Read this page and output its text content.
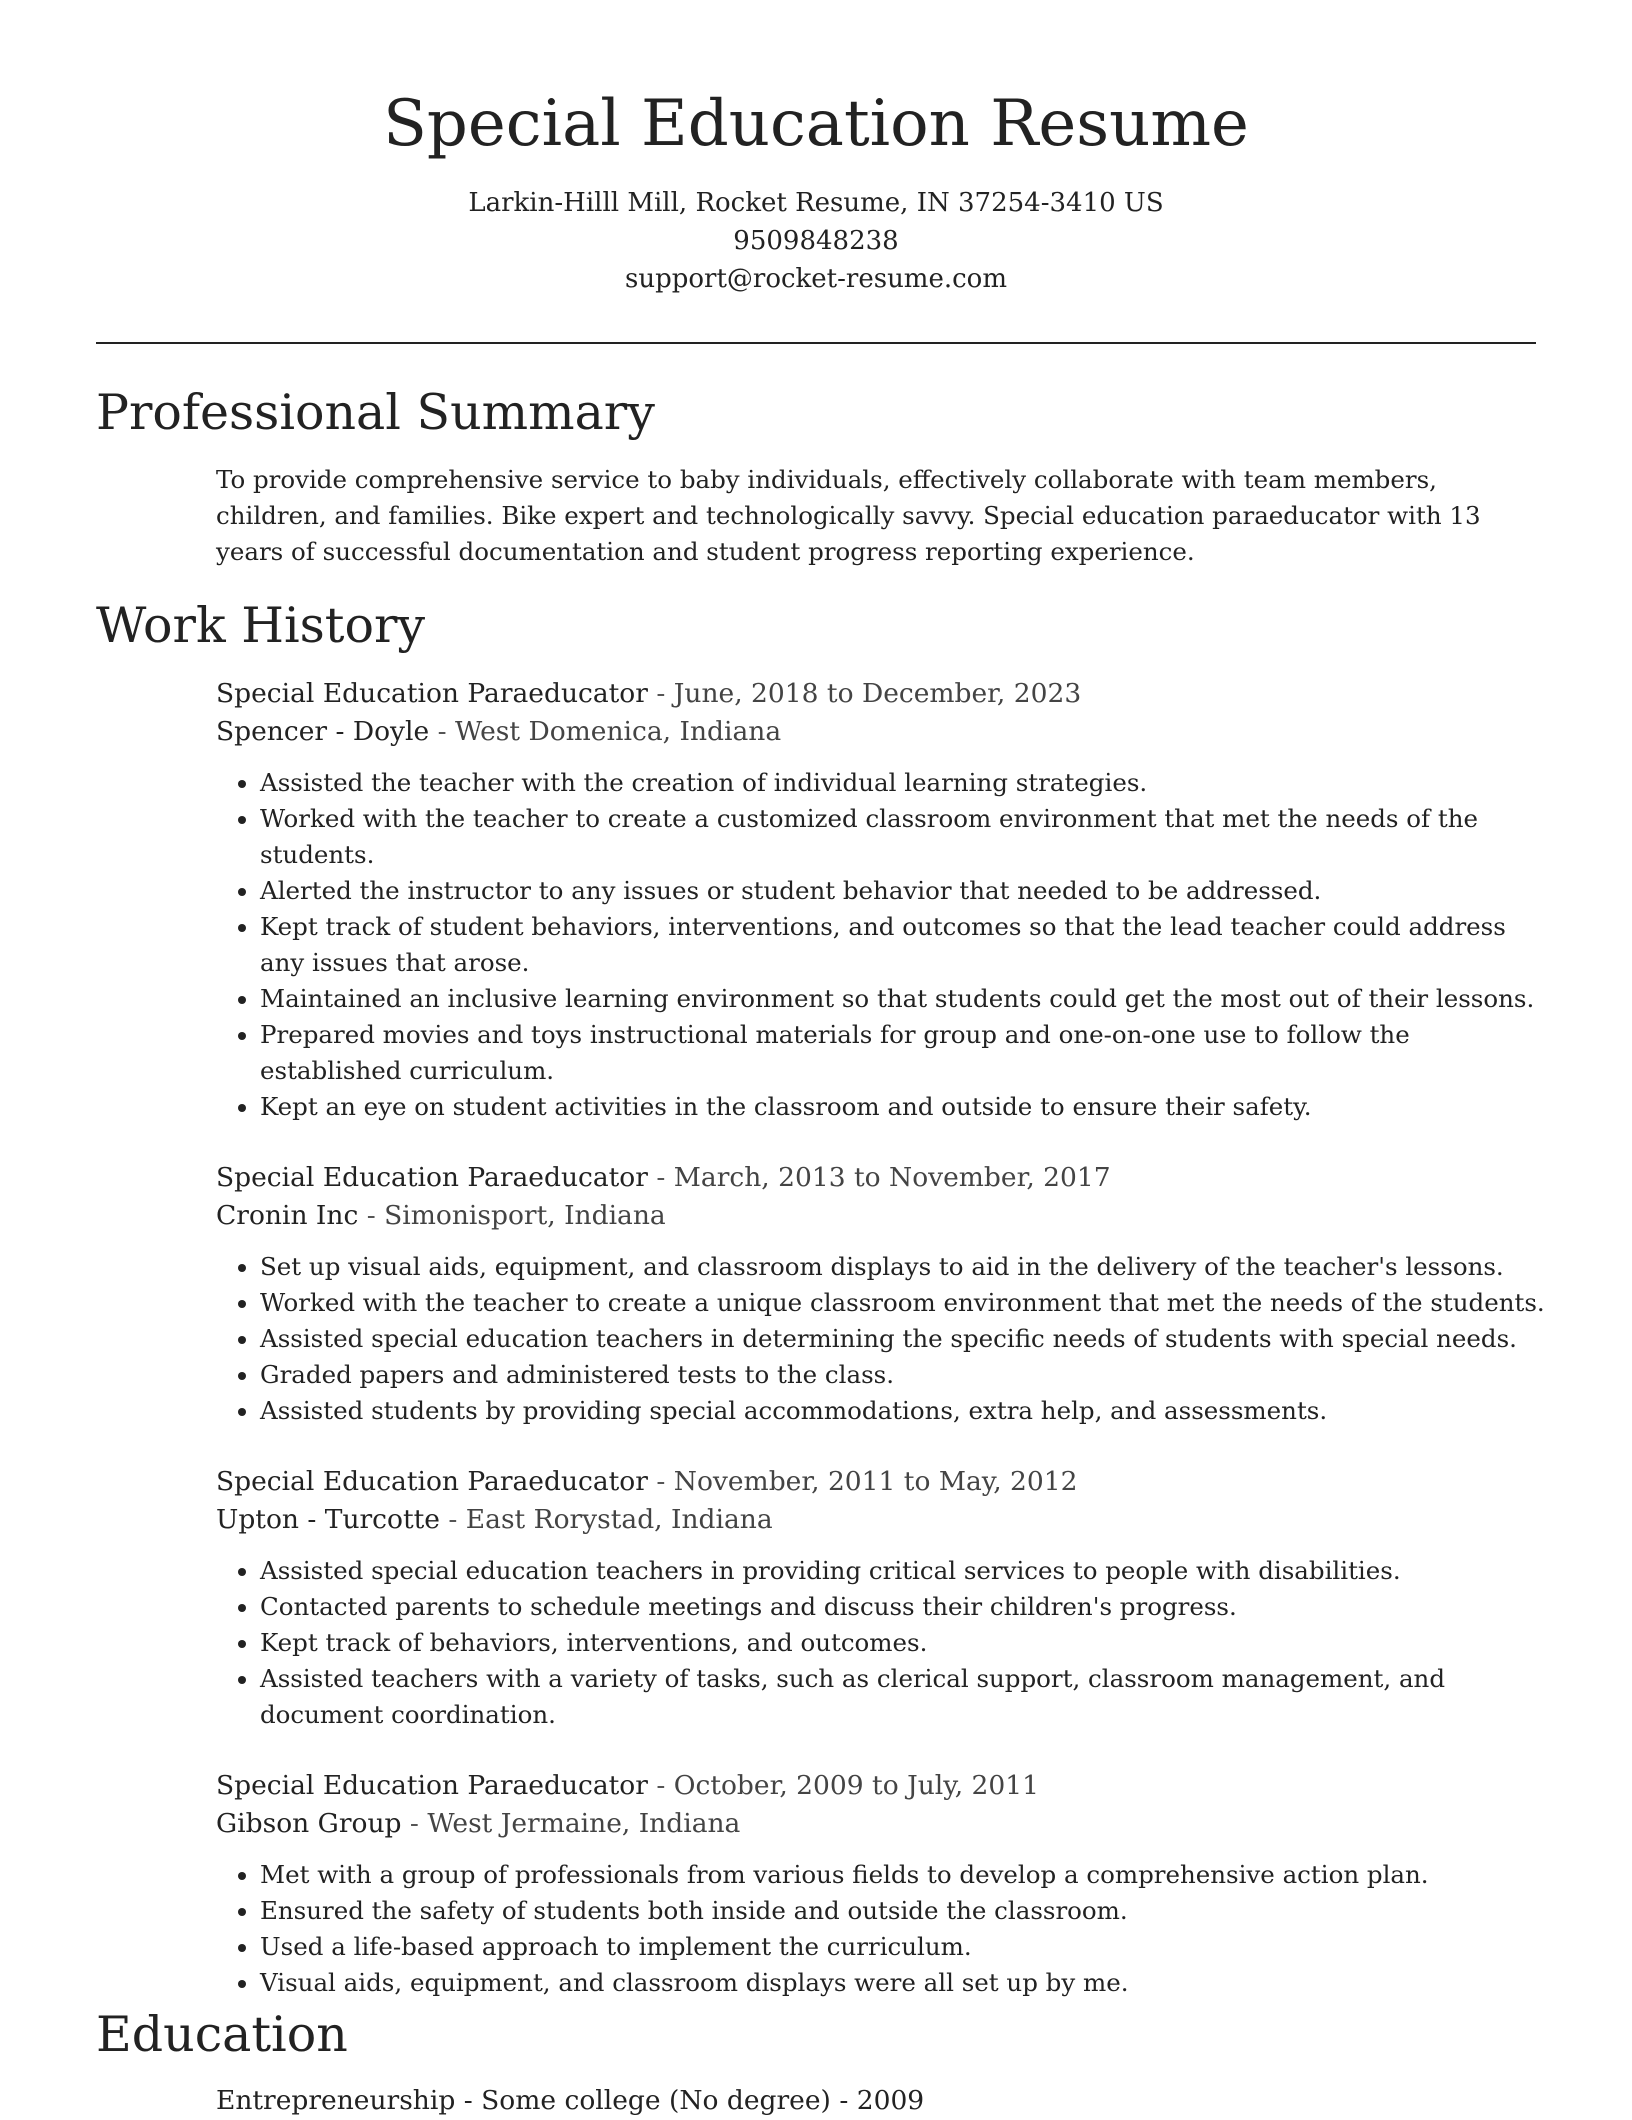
Special Education Resume
Larkin-Hilll Mill, Rocket Resume, IN 37254-3410 US
9509848238
support@rocket-resume.com
Professional Summary

To provide comprehensive service to baby individuals, effectively collaborate with team members, children, and families. Bike expert and technologically savvy. Special education paraeducator with 13 years of successful documentation and student progress reporting experience.

Work History
Special Education Paraeducator - June, 2018 to December, 2023
Spencer - Doyle - West Domenica, Indiana
• Assisted the teacher with the creation of individual learning strategies.
• Worked with the teacher to create a customized classroom environment that met the needs of the students.
• Alerted the instructor to any issues or student behavior that needed to be addressed.
• Kept track of student behaviors, interventions, and outcomes so that the lead teacher could address any issues that arose.
• Maintained an inclusive learning environment so that students could get the most out of their lessons.
• Prepared movies and toys instructional materials for group and one-on-one use to follow the established curriculum.
• Kept an eye on student activities in the classroom and outside to ensure their safety.
Special Education Paraeducator - March, 2013 to November, 2017
Cronin Inc - Simonisport, Indiana
• Set up visual aids, equipment, and classroom displays to aid in the delivery of the teacher's lessons.
• Worked with the teacher to create a unique classroom environment that met the needs of the students.
• Assisted special education teachers in determining the specific needs of students with special needs.
• Graded papers and administered tests to the class.
• Assisted students by providing special accommodations, extra help, and assessments.
Special Education Paraeducator - November, 2011 to May, 2012
Upton - Turcotte - East Rorystad, Indiana
• Assisted special education teachers in providing critical services to people with disabilities.
• Contacted parents to schedule meetings and discuss their children's progress.
• Kept track of behaviors, interventions, and outcomes.
• Assisted teachers with a variety of tasks, such as clerical support, classroom management, and document coordination.
Special Education Paraeducator - October, 2009 to July, 2011
Gibson Group - West Jermaine, Indiana
• Met with a group of professionals from various fields to develop a comprehensive action plan.
• Ensured the safety of students both inside and outside the classroom.
• Used a life-based approach to implement the curriculum.
• Visual aids, equipment, and classroom displays were all set up by me.
Education
Entrepreneurship - Some college (No degree) - 2009
